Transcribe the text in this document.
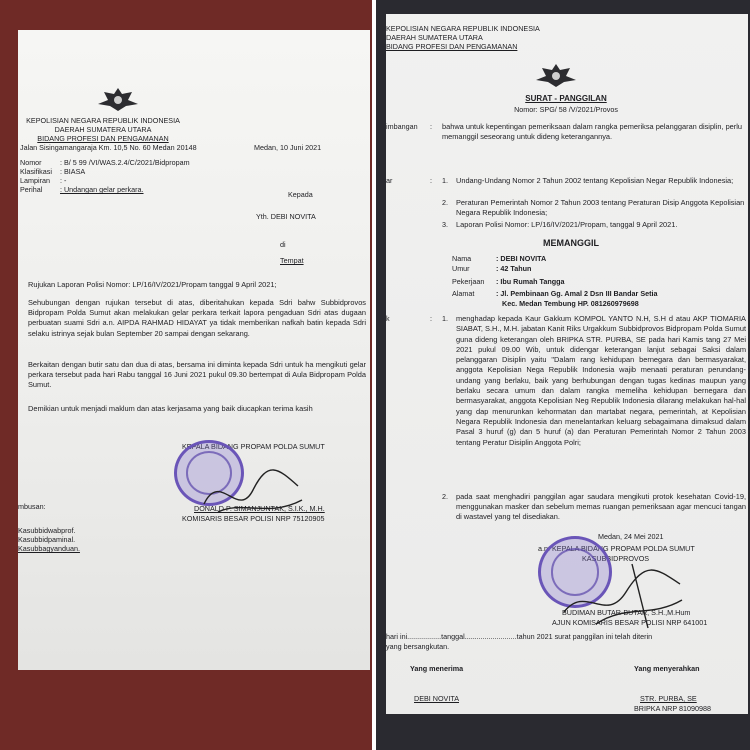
KEPOLISIAN NEGARA REPUBLIK INDONESIA
DAERAH SUMATERA UTARA
BIDANG PROFESI DAN PENGAMANAN
Jalan Sisingamangaraja Km. 10,5 No. 60 Medan 20148	Medan, 10 Juni 2021
Nomor	: B/ 5 99 /VI/WAS.2.4/C/2021/Bidpropam
Klasifikasi : BIASA
Lampiran : -
Perihal : Undangan gelar perkara.
Kepada
Yth. DEBI NOVITA
di
Tempat
Rujukan Laporan Polisi Nomor: LP/16/IV/2021/Propam tanggal 9 April 2021;
Sehubungan dengan rujukan tersebut di atas, diberitahukan kepada Sdri bahw Subbidprovos Bidpropam Polda Sumut akan melakukan gelar perkara terkait lapora pengaduan Sdri atas dugaan perbuatan suami Sdri a.n. AIPDA RAHMAD HIDAYAT ya tidak memberikan nafkah batin kepada Sdri selaku istrinya sejak bulan September 20 sampai dengan sekarang.
Berkaitan dengan butir satu dan dua di atas, bersama ini diminta kepada Sdri untuk ha mengikuti gelar perkara tersebut pada hari Rabu tanggal 16 Juni 2021 pukul 09.30 bertempat di Aula Bidpropam Polda Sumut.
Demikian untuk menjadi maklum dan atas kerjasama yang baik diucapkan terima kasih
KEPALA BIDANG PROPAM POLDA SUMUT
mbusan:	DONALD P. SIMANJUNTAK, S.I.K., M.H.
KOMISARIS BESAR POLISI NRP 75120905
Kasubbidwabprof.
Kasubbidpaminal.
Kasubbagyanduan.
KEPOLISIAN NEGARA REPUBLIK INDONESIA
DAERAH SUMATERA UTARA
BIDANG PROFESI DAN PENGAMANAN
SURAT - PANGGILAN
Nomor: SPG/ 58 /V/2021/Provos
imbangan : bahwa untuk kepentingan pemeriksaan dalam rangka pemeriksa pelanggaran disiplin, perlu memanggil seseorang untuk dideng keterangannya.
ar	: 1. Undang-Undang Nomor 2 Tahun 2002 tentang Kepolisian Negar Republik Indonesia;
2. Peraturan Pemerintah Nomor 2 Tahun 2003 tentang Peraturan Disip Anggota Kepolisian Negara Republik Indonesia;
3. Laporan Polisi Nomor: LP/16/IV/2021/Propam, tanggal 9 April 2021.
MEMANGGIL
Nama	: DEBI NOVITA
Umur	: 42 Tahun
Pekerjaan : Ibu Rumah Tangga
Alamat	: Jl. Pembinaan Gg. Amal 2 Dsn III Bandar Setia
Kec. Medan Tembung HP. 081260979698
k	: 1. menghadap kepada Kaur Gakkum KOMPOL YANTO N.H, S.H d atau AKP TIOMARIA SIABAT, S.H., M.H. jabatan Kanit Riks Urgakkum Subbidprovos Bidpropam Polda Sumut guna dideng keterangan oleh BRIPKA STR. PURBA, SE pada hari Kamis tang 27 Mei 2021 pukul 09.00 Wib, untuk didengar keterangan lanjut sebagai Saksi dalam pelanggaran Disiplin yaitu "Dalam rang kehidupan bernegara dan bermasyarakat, anggota Kepolisian Nega Republik Indonesia wajib menaati peraturan perundang-undang yang berlaku, baik yang berhubungan dengan tugas kedinas maupun yang berlaku secara umum dan dalam rangka memeliha kehidupan bernegara dan bermasyarakat, anggota Kepolisian Neg Republik Indonesia dilarang melakukan hal-hal yang dap menurunkan kehormatan dan martabat negara, pemerintah, at Kepolisian Negara Republik Indonesia dan menelantarkan keluarg sebagaimana dimaksud dalam Pasal 3 huruf (g) dan 5 huruf (a) dan Peraturan Pemerintah Nomor 2 Tahun 2003 tentang Peratur Disiplin Anggota Polri;
2. pada saat menghadiri panggilan agar saudara mengikuti protok kesehatan Covid-19, menggunakan masker dan sebelum memas ruangan pemeriksaan agar mencuci tangan di wastavel yang tel disediakan.
Medan, 24 Mei 2021
a.n. KEPALA BIDANG PROPAM POLDA SUMUT
KASUBBIDPROVOS
BUDIMAN BUTAR-BUTAR, S.H.,M.Hum
AJUN KOMISARIS BESAR POLISI NRP 641001
hari ini.................tanggal..........................tahun 2021 surat panggilan ini telah diterin
yang bersangkutan.
Yang menerima	Yang menyerahkan
DEBI NOVITA	STR. PURBA, SE
BRIPKA NRP 81090988
